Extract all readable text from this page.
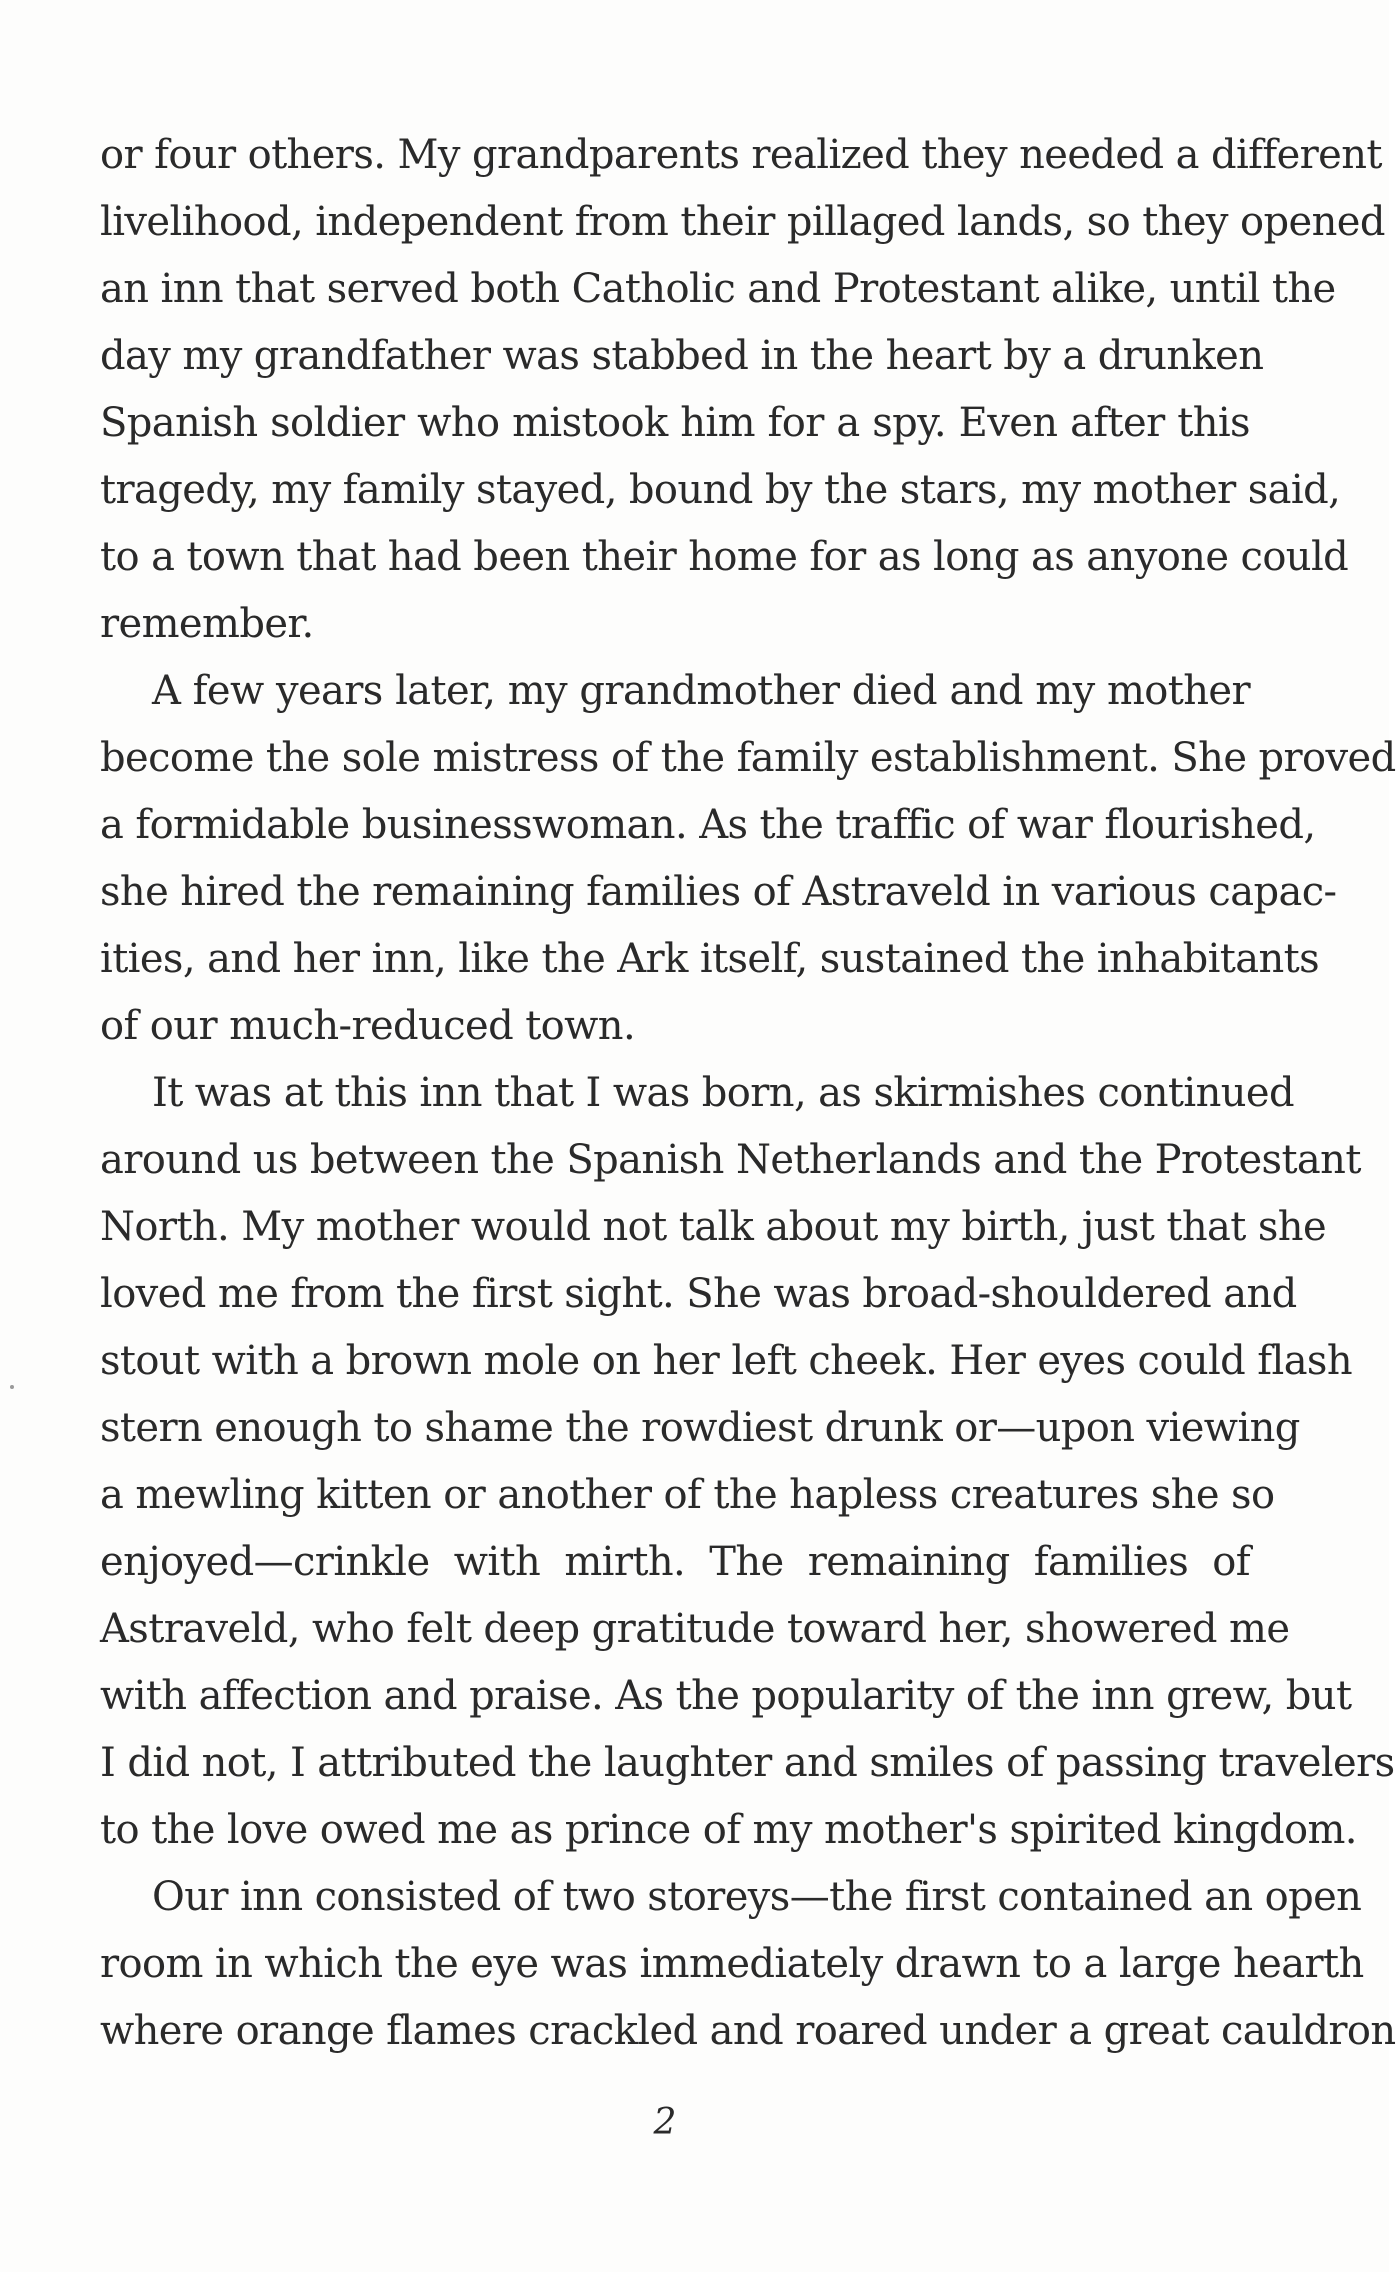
or four others. My grandparents realized they needed a different
livelihood, independent from their pillaged lands, so they opened
an inn that served both Catholic and Protestant alike, until the
day my grandfather was stabbed in the heart by a drunken
Spanish soldier who mistook him for a spy. Even after this
tragedy, my family stayed, bound by the stars, my mother said,
to a town that had been their home for as long as anyone could
remember.
A few years later, my grandmother died and my mother
become the sole mistress of the family establishment. She proved
a formidable businesswoman. As the traffic of war flourished,
she hired the remaining families of Astraveld in various capac-
ities, and her inn, like the Ark itself, sustained the inhabitants
of our much-reduced town.
It was at this inn that I was born, as skirmishes continued
around us between the Spanish Netherlands and the Protestant
North. My mother would not talk about my birth, just that she
loved me from the first sight. She was broad-shouldered and
stout with a brown mole on her left cheek. Her eyes could flash
stern enough to shame the rowdiest drunk or—upon viewing
a mewling kitten or another of the hapless creatures she so
enjoyed—crinkle with mirth. The remaining families of
Astraveld, who felt deep gratitude toward her, showered me
with affection and praise. As the popularity of the inn grew, but
I did not, I attributed the laughter and smiles of passing travelers
to the love owed me as prince of my mother's spirited kingdom.
Our inn consisted of two storeys—the first contained an open
room in which the eye was immediately drawn to a large hearth
where orange flames crackled and roared under a great cauldron
2
